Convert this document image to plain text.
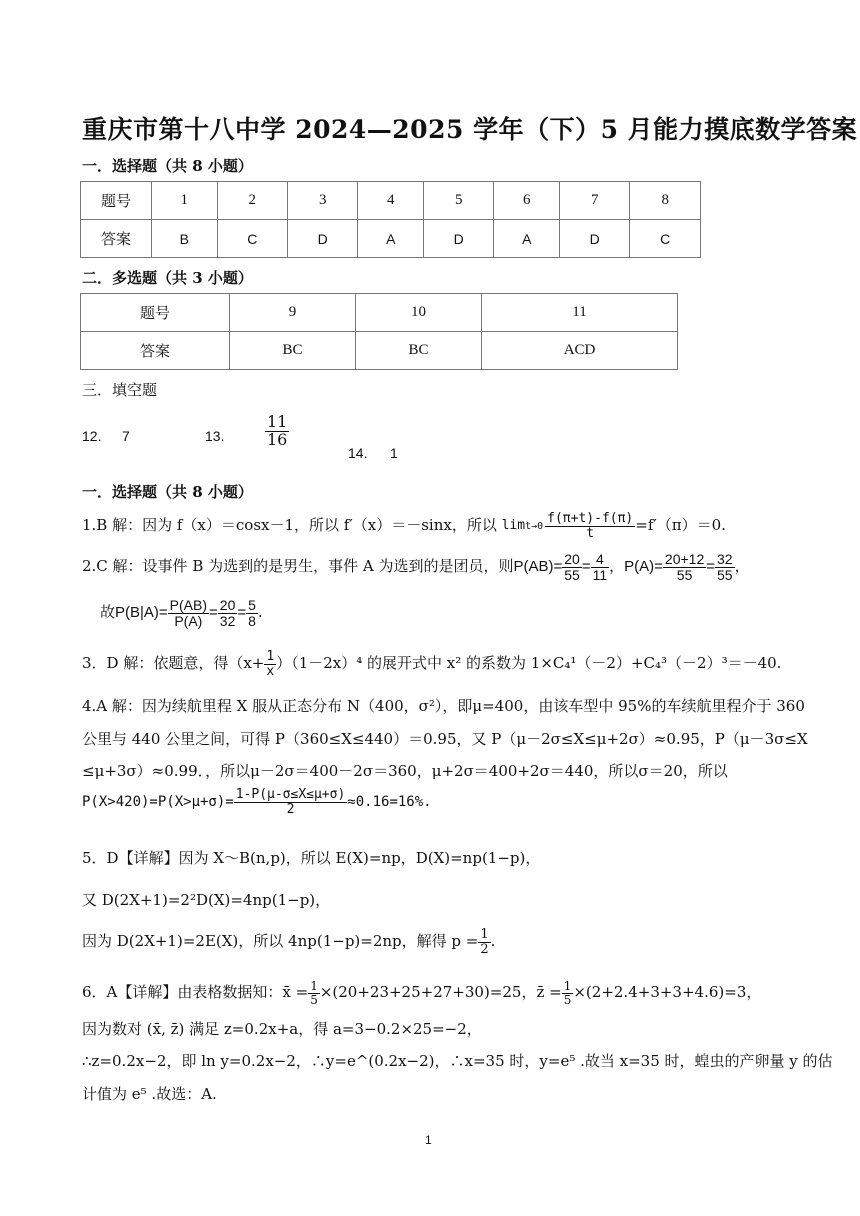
重庆市第十八中学 2024—2025 学年（下）5 月能力摸底数学答案
一．选择题（共 8 小题）
题号	1	2	3	4	5	6	7	8
答案	B	C	D	A	D	A	D	C
二．多选题（共 3 小题）
题号	9	10	11
答案	BC	BC	ACD
三．填空题
12. 7	13.	$\frac{11}{16}$
14. 1
一．选择题（共 8 小题）
1.B 解：因为 f（x）＝cosx－1，所以 f′（x）＝－sinx，所以 $\lim t\to 0 \frac{f(\pi+t)-f(\pi)}{t} =f'(\pi)=0$.
2.C 解：设事件 B 为选到的是男生，事件 A 为选到的是团员，则$P(AB)= \frac{20}{55} = \frac{4}{11}$ ，$P(A)= \frac{20+12}{55} = \frac{32}{55}$ ，
故$P(B|A)= \frac{P(AB)}{P(A)} = \frac{20}{32} = \frac{5}{8}$ .
3．D 解：依题意，得$(x+ \frac{1}{x} )(1-2x)^4$ 的展开式中 x² 的系数为 1×C₄¹（－2）+C₄³（－2）³＝－40.
4.A 解：因为续航里程 X 服从正态分布 N（400，σ²），即μ=400，由该车型中 95%的车续航里程介于 360
公里与 440 公里之间，可得 P（360≤X≤440）＝0.95，又 P（μ－2σ≤X≤μ+2σ）≈0.95，P（μ－3σ≤X
≤μ+3σ）≈0.99．，所以μ－2σ＝400－2σ＝360，μ+2σ＝400+2σ＝440，所以σ＝20，所以
$P(X>420)=P(X>\mu+\sigma)= \frac{1-P(\mu-\sigma\le X\le\mu+\sigma)}{2} \approx 0.16=16\%$.
5．D【详解】因为 X～B(n,p)，所以 E(X)=np，D(X)=np(1−p)，
又 D(2X+1)=2²D(X)=4np(1−p)，
因为 D(2X+1)=2E(X)，所以 4np(1−p)=2np，解得 $p = \frac{1}{2}$ .
6．A【详解】由表格数据知：x̄ = $\frac{1}{5} \times(20+23+25+27+30)=25$，z̄ = $\frac{1}{5} \times(2+2.4+3+3+4.6)=3$，
因为数对 (x̄, z̄) 满足 z=0.2x+a，得 a=3−0.2×25=−2，
∴z=0.2x−2，即 ln y=0.2x−2，∴y=e^(0.2x−2)，∴x=35 时，y=e⁵ .故当 x=35 时，蝗虫的产卵量 y 的估
计值为 e⁵ .故选：A.
1
